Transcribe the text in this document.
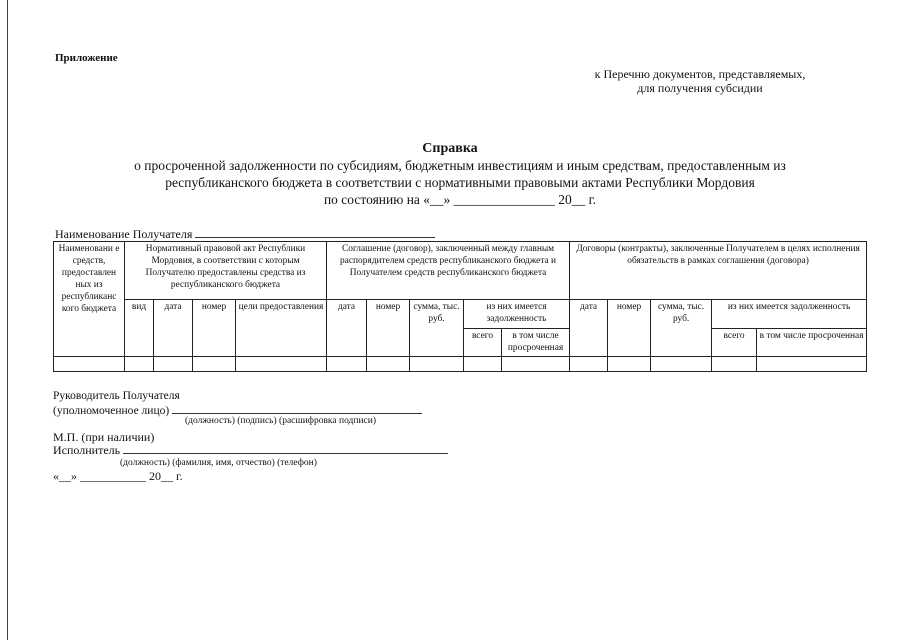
Приложение
к Перечню документов, представляемых,
для получения субсидии
Справка
о просроченной задолженности по субсидиям, бюджетным инвестициям и иным средствам, предоставленным из
республиканского бюджета в соответствии с нормативными правовыми актами Республики Мордовия
по состоянию на «__» _______________ 20__ г.
Наименование Получателя
Наименовани е средств, предоставлен ных из республиканс кого бюджета	Нормативный правовой акт Республики Мордовия, в соответствии с которым Получателю предоставлены средства из республиканского бюджета				Соглашение (договор), заключенный между главным распорядителем средств республиканского бюджета и Получателем средств республиканского бюджета					Договоры (контракты), заключенные Получателем в целях исполнения обязательств в рамках соглашения (договора)				
	вид	дата	номер	цели предоставления	дата	номер	сумма, тыс. руб.	из них имеется задолженность		дата	номер	сумма, тыс. руб.	из них имеется задолженность	
								всего	в том числе просроченная				всего	в том числе просроченная

Руководитель Получателя
(уполномоченное лицо)
(должность) (подпись) (расшифровка подписи)
М.П. (при наличии)
Исполнитель
(должность) (фамилия, имя, отчество) (телефон)
«__» ___________ 20__ г.
